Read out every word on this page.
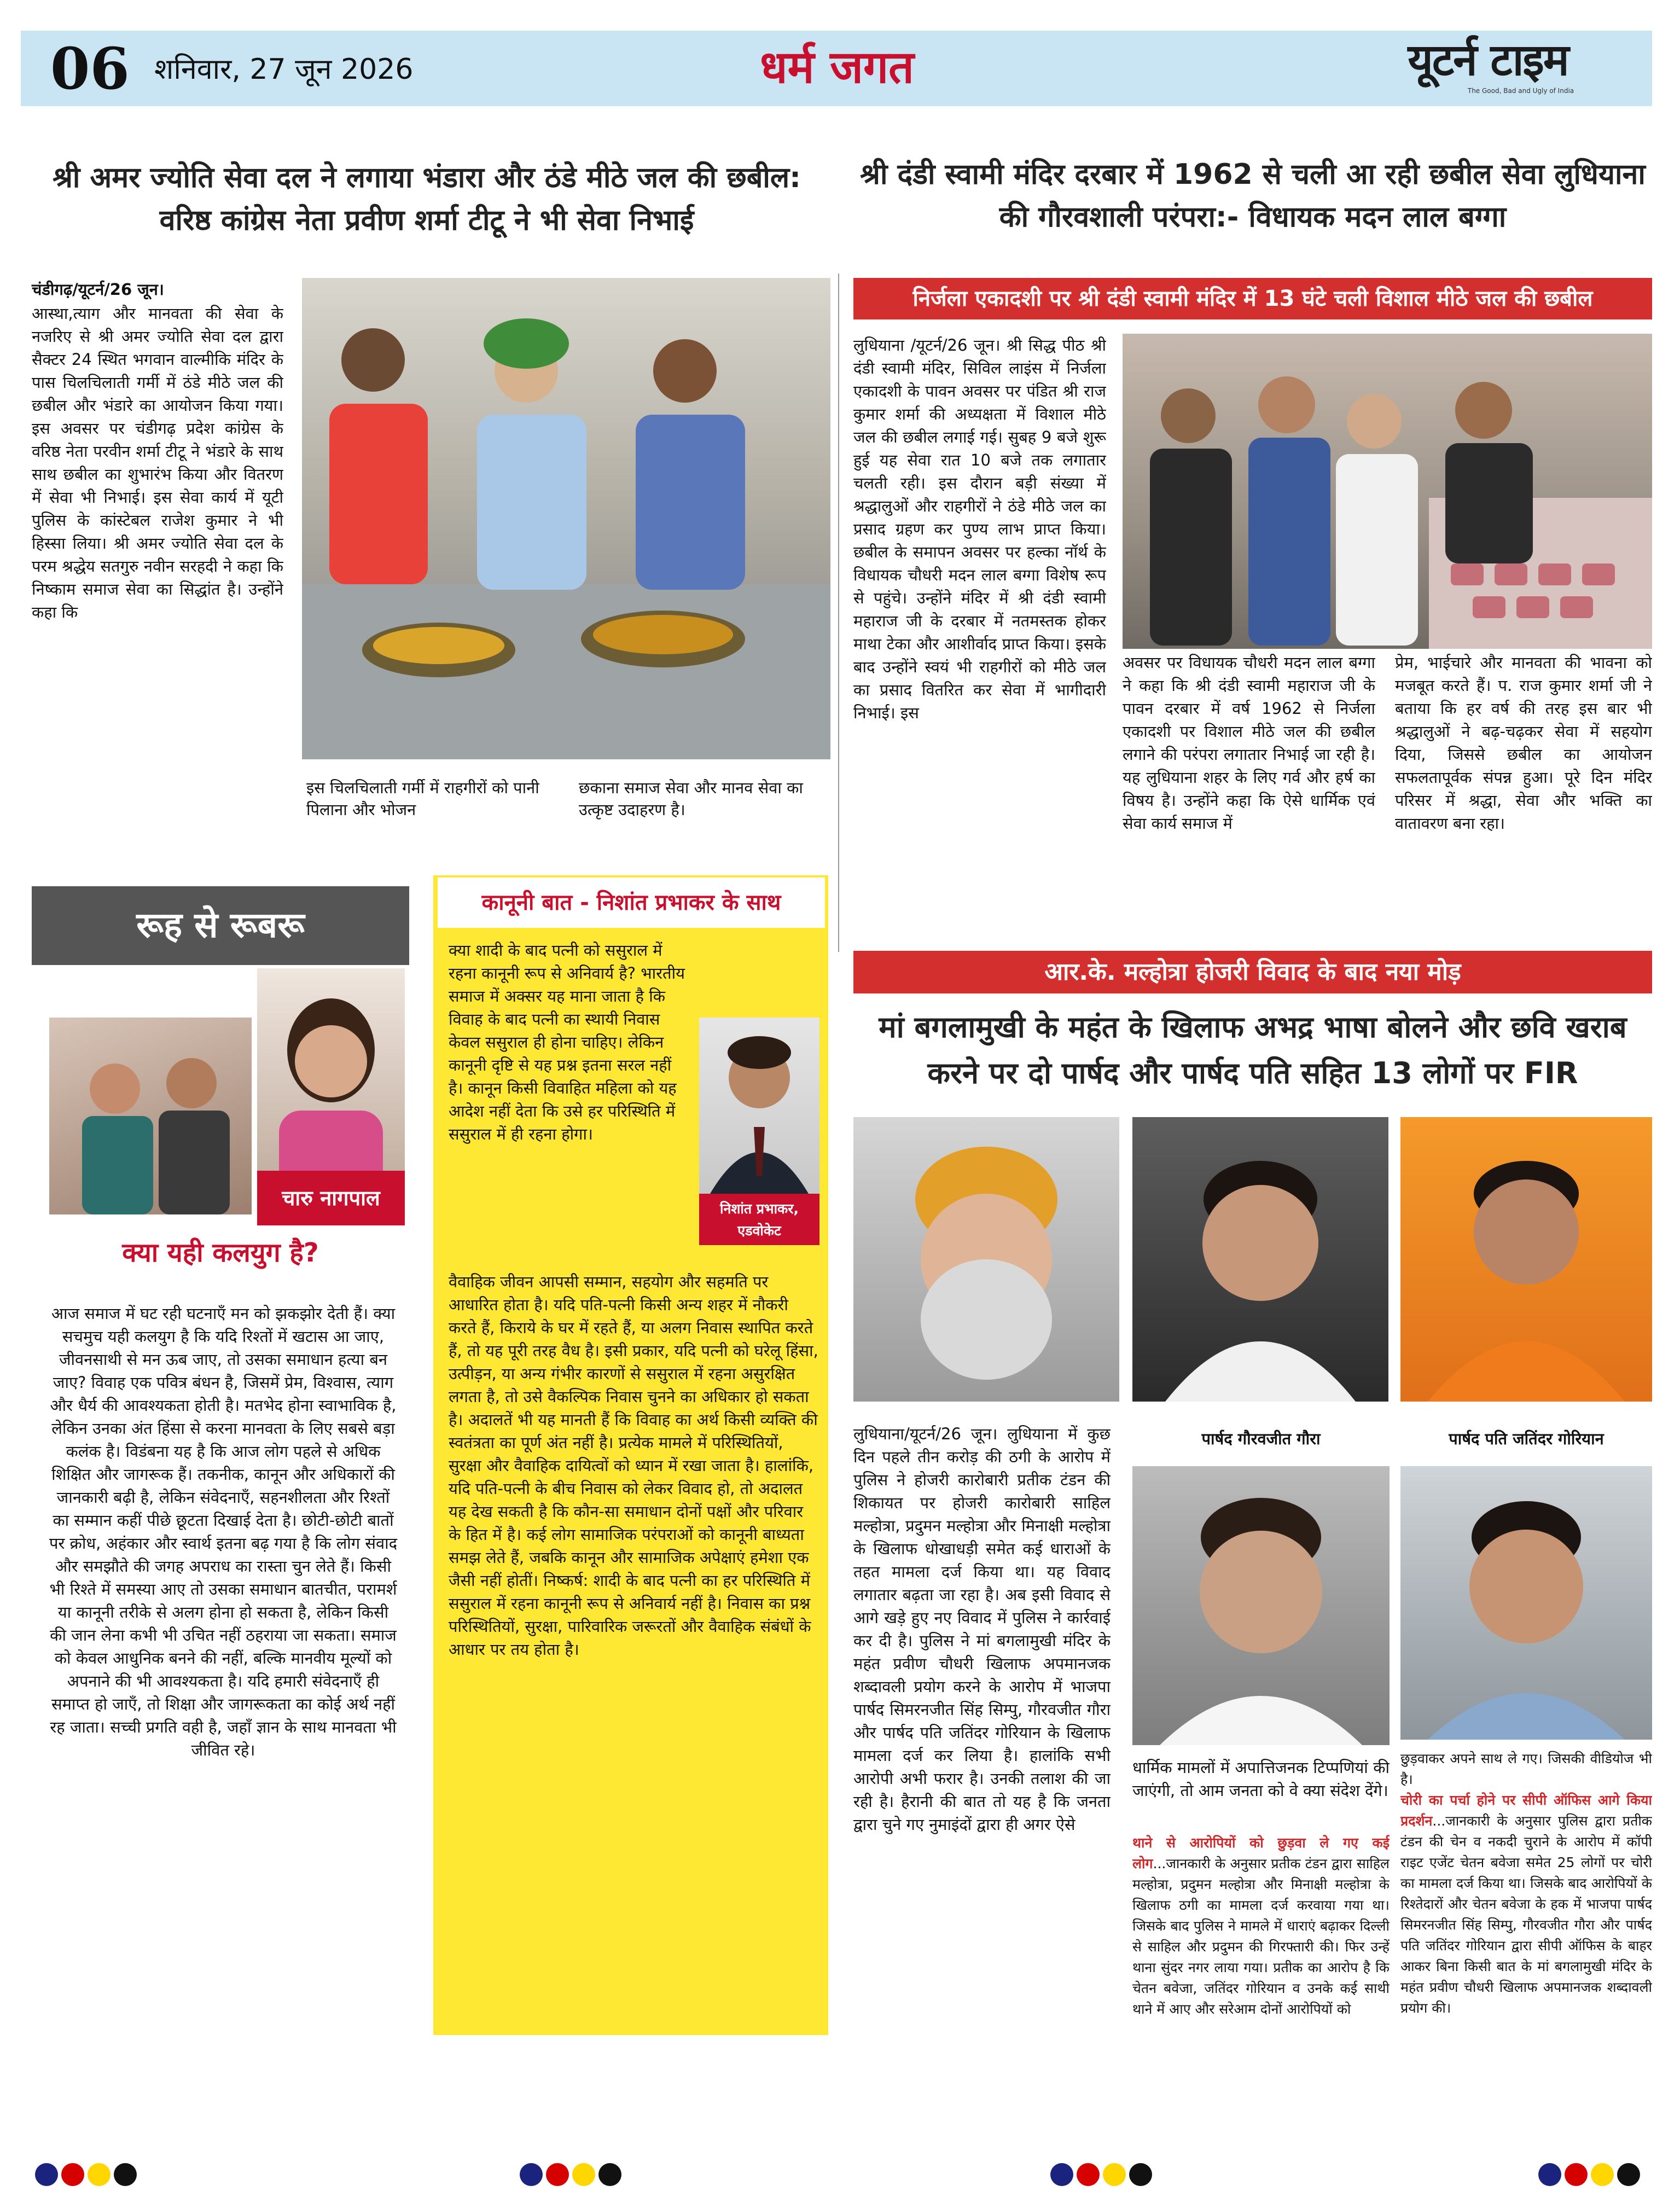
06 शनिवार, 27 जून 2026	धर्म जगत	यूटर्न टाइम
The Good, Bad and Ugly of India
श्री अमर ज्योति सेवा दल ने लगाया भंडारा और ठंडे मीठे जल की छबील: वरिष्ठ कांग्रेस नेता प्रवीण शर्मा टीटू ने भी सेवा निभाई
चंडीगढ़/यूटर्न/26 जून।
आस्था,त्याग और मानवता की सेवा के नजरिए से श्री अमर ज्योति सेवा दल द्वारा सैक्टर 24 स्थित भगवान वाल्मीकि मंदिर के पास चिलचिलाती गर्मी में ठंडे मीठे जल की छबील और भंडारे का आयोजन किया गया। इस अवसर पर चंडीगढ़ प्रदेश कांग्रेस के वरिष्ठ नेता परवीन शर्मा टीटू ने भंडारे के साथ साथ छबील का शुभारंभ किया और वितरण में सेवा भी निभाई। इस सेवा कार्य में यूटी पुलिस के कांस्टेबल राजेश कुमार ने भी हिस्सा लिया। श्री अमर ज्योति सेवा दल के परम श्रद्धेय सतगुरु नवीन सरहदी ने कहा कि निष्काम समाज सेवा का सिद्धांत है। उन्होंने कहा कि
इस चिलचिलाती गर्मी में राहगीरों को पानी पिलाना और भोजन
छकाना समाज सेवा और मानव सेवा का उत्कृष्ट उदाहरण है।
श्री दंडी स्वामी मंदिर दरबार में 1962 से चली आ रही छबील सेवा लुधियाना की गौरवशाली परंपरा:- विधायक मदन लाल बग्गा
निर्जला एकादशी पर श्री दंडी स्वामी मंदिर में 13 घंटे चली विशाल मीठे जल की छबील
लुधियाना /यूटर्न/26 जून। श्री सिद्ध पीठ श्री दंडी स्वामी मंदिर, सिविल लाइंस में निर्जला एकादशी के पावन अवसर पर पंडित श्री राज कुमार शर्मा की अध्यक्षता में विशाल मीठे जल की छबील लगाई गई। सुबह 9 बजे शुरू हुई यह सेवा रात 10 बजे तक लगातार चलती रही। इस दौरान बड़ी संख्या में श्रद्धालुओं और राहगीरों ने ठंडे मीठे जल का प्रसाद ग्रहण कर पुण्य लाभ प्राप्त किया। छबील के समापन अवसर पर हल्का नॉर्थ के विधायक चौधरी मदन लाल बग्गा विशेष रूप से पहुंचे। उन्होंने मंदिर में श्री दंडी स्वामी महाराज जी के दरबार में नतमस्तक होकर माथा टेका और आशीर्वाद प्राप्त किया। इसके बाद उन्होंने स्वयं भी राहगीरों को मीठे जल का प्रसाद वितरित कर सेवा में भागीदारी निभाई। इस
अवसर पर विधायक चौधरी मदन लाल बग्गा ने कहा कि श्री दंडी स्वामी महाराज जी के पावन दरबार में वर्ष 1962 से निर्जला एकादशी पर विशाल मीठे जल की छबील लगाने की परंपरा लगातार निभाई जा रही है। यह लुधियाना शहर के लिए गर्व और हर्ष का विषय है। उन्होंने कहा कि ऐसे धार्मिक एवं सेवा कार्य समाज में
प्रेम, भाईचारे और मानवता की भावना को मजबूत करते हैं। प. राज कुमार शर्मा जी ने बताया कि हर वर्ष की तरह इस बार भी श्रद्धालुओं ने बढ़-चढ़कर सेवा में सहयोग दिया, जिससे छबील का आयोजन सफलतापूर्वक संपन्न हुआ। पूरे दिन मंदिर परिसर में श्रद्धा, सेवा और भक्ति का वातावरण बना रहा।
रूह से रूबरू
चारु नागपाल
क्या यही कलयुग है?
आज समाज में घट रही घटनाएँ मन को झकझोर देती हैं। क्या सचमुच यही कलयुग है कि यदि रिश्तों में खटास आ जाए, जीवनसाथी से मन ऊब जाए, तो उसका समाधान हत्या बन जाए? विवाह एक पवित्र बंधन है, जिसमें प्रेम, विश्वास, त्याग और धैर्य की आवश्यकता होती है। मतभेद होना स्वाभाविक है, लेकिन उनका अंत हिंसा से करना मानवता के लिए सबसे बड़ा कलंक है। विडंबना यह है कि आज लोग पहले से अधिक शिक्षित और जागरूक हैं। तकनीक, कानून और अधिकारों की जानकारी बढ़ी है, लेकिन संवेदनाएँ, सहनशीलता और रिश्तों का सम्मान कहीं पीछे छूटता दिखाई देता है। छोटी-छोटी बातों पर क्रोध, अहंकार और स्वार्थ इतना बढ़ गया है कि लोग संवाद और समझौते की जगह अपराध का रास्ता चुन लेते हैं। किसी भी रिश्ते में समस्या आए तो उसका समाधान बातचीत, परामर्श या कानूनी तरीके से अलग होना हो सकता है, लेकिन किसी की जान लेना कभी भी उचित नहीं ठहराया जा सकता। समाज को केवल आधुनिक बनने की नहीं, बल्कि मानवीय मूल्यों को अपनाने की भी आवश्यकता है। यदि हमारी संवेदनाएँ ही समाप्त हो जाएँ, तो शिक्षा और जागरूकता का कोई अर्थ नहीं रह जाता। सच्ची प्रगति वही है, जहाँ ज्ञान के साथ मानवता भी जीवित रहे।
कानूनी बात - निशांत प्रभाकर के साथ
क्या शादी के बाद पत्नी को ससुराल में रहना कानूनी रूप से अनिवार्य है? भारतीय समाज में अक्सर यह माना जाता है कि विवाह के बाद पत्नी का स्थायी निवास केवल ससुराल ही होना चाहिए। लेकिन कानूनी दृष्टि से यह प्रश्न इतना सरल नहीं है। कानून किसी विवाहित महिला को यह आदेश नहीं देता कि उसे हर परिस्थिति में ससुराल में ही रहना होगा।
निशांत प्रभाकर, एडवोकेट
वैवाहिक जीवन आपसी सम्मान, सहयोग और सहमति पर आधारित होता है। यदि पति-पत्नी किसी अन्य शहर में नौकरी करते हैं, किराये के घर में रहते हैं, या अलग निवास स्थापित करते हैं, तो यह पूरी तरह वैध है। इसी प्रकार, यदि पत्नी को घरेलू हिंसा, उत्पीड़न, या अन्य गंभीर कारणों से ससुराल में रहना असुरक्षित लगता है, तो उसे वैकल्पिक निवास चुनने का अधिकार हो सकता है। अदालतें भी यह मानती हैं कि विवाह का अर्थ किसी व्यक्ति की स्वतंत्रता का पूर्ण अंत नहीं है। प्रत्येक मामले में परिस्थितियों, सुरक्षा और वैवाहिक दायित्वों को ध्यान में रखा जाता है। हालांकि, यदि पति-पत्नी के बीच निवास को लेकर विवाद हो, तो अदालत यह देख सकती है कि कौन-सा समाधान दोनों पक्षों और परिवार के हित में है। कई लोग सामाजिक परंपराओं को कानूनी बाध्यता समझ लेते हैं, जबकि कानून और सामाजिक अपेक्षाएं हमेशा एक जैसी नहीं होतीं। निष्कर्ष: शादी के बाद पत्नी का हर परिस्थिति में ससुराल में रहना कानूनी रूप से अनिवार्य नहीं है। निवास का प्रश्न परिस्थितियों, सुरक्षा, पारिवारिक जरूरतों और वैवाहिक संबंधों के आधार पर तय होता है।
आर.के. मल्होत्रा होजरी विवाद के बाद नया मोड़
मां बगलामुखी के महंत के खिलाफ अभद्र भाषा बोलने और छवि खराब करने पर दो पार्षद और पार्षद पति सहित 13 लोगों पर FIR
लुधियाना/यूटर्न/26 जून। लुधियाना में कुछ दिन पहले तीन करोड़ की ठगी के आरोप में पुलिस ने होजरी कारोबारी प्रतीक टंडन की शिकायत पर होजरी कारोबारी साहिल मल्होत्रा, प्रदुमन मल्होत्रा और मिनाक्षी मल्होत्रा के खिलाफ धोखाधड़ी समेत कई धाराओं के तहत मामला दर्ज किया था। यह विवाद लगातार बढ़ता जा रहा है। अब इसी विवाद से आगे खड़े हुए नए विवाद में पुलिस ने कार्रवाई कर दी है। पुलिस ने मां बगलामुखी मंदिर के महंत प्रवीण चौधरी खिलाफ अपमानजक शब्दावली प्रयोग करने के आरोप में भाजपा पार्षद सिमरनजीत सिंह सिम्पु, गौरवजीत गौरा और पार्षद पति जतिंदर गोरियान के खिलाफ मामला दर्ज कर लिया है। हालांकि सभी आरोपी अभी फरार है। उनकी तलाश की जा रही है। हैरानी की बात तो यह है कि जनता द्वारा चुने गए नुमाइंदों द्वारा ही अगर ऐसे
पार्षद गौरवजीत गौरा	पार्षद पति जतिंदर गोरियान
धार्मिक मामलों में अपात्तिजनक टिप्पणियां की जाएंगी, तो आम जनता को वे क्या संदेश देंगे।
थाने से आरोपियों को छुड़वा ले गए कई लोग...जानकारी के अनुसार प्रतीक टंडन द्वारा साहिल मल्होत्रा, प्रदुमन मल्होत्रा और मिनाक्षी मल्होत्रा के खिलाफ ठगी का मामला दर्ज करवाया गया था। जिसके बाद पुलिस ने मामले में धाराएं बढ़ाकर दिल्ली से साहिल और प्रदुमन की गिरफ्तारी की। फिर उन्हें थाना सुंदर नगर लाया गया। प्रतीक का आरोप है कि चेतन बवेजा, जतिंदर गोरियान व उनके कई साथी थाने में आए और सरेआम दोनों आरोपियों को
छुड़वाकर अपने साथ ले गए। जिसकी वीडियोज भी है।
चोरी का पर्चा होने पर सीपी ऑफिस आगे किया प्रदर्शन...जानकारी के अनुसार पुलिस द्वारा प्रतीक टंडन की चेन व नकदी चुराने के आरोप में कॉपी राइट एजेंट चेतन बवेजा समेत 25 लोगों पर चोरी का मामला दर्ज किया था। जिसके बाद आरोपियों के रिश्तेदारों और चेतन बवेजा के हक में भाजपा पार्षद सिमरनजीत सिंह सिम्पु, गौरवजीत गौरा और पार्षद पति जतिंदर गोरियान द्वारा सीपी ऑफिस के बाहर आकर बिना किसी बात के मां बगलामुखी मंदिर के महंत प्रवीण चौधरी खिलाफ अपमानजक शब्दावली प्रयोग की।
